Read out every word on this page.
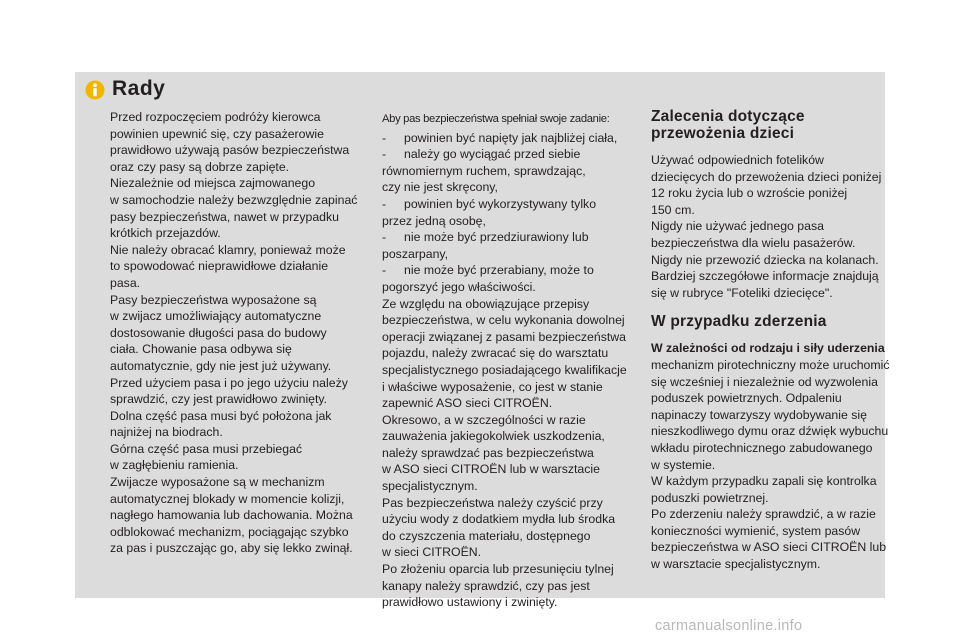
Rady

Przed rozpoczęciem podróży kierowca

powinien upewnić się, czy pasażerowie

prawidłowo używają pasów bezpieczeństwa

oraz czy pasy są dobrze zapięte.

Niezależnie od miejsca zajmowanego

w samochodzie należy bezwzględnie zapinać

pasy bezpieczeństwa, nawet w przypadku

krótkich przejazdów.

Nie należy obracać klamry, ponieważ może

to spowodować nieprawidłowe działanie

pasa.

Pasy bezpieczeństwa wyposażone są

w zwijacz umożliwiający automatyczne

dostosowanie długości pasa do budowy

ciała. Chowanie pasa odbywa się

automatycznie, gdy nie jest już używany.

Przed użyciem pasa i po jego użyciu należy

sprawdzić, czy jest prawidłowo zwinięty.

Dolna część pasa musi być położona jak

najniżej na biodrach.

Górna część pasa musi przebiegać

w zagłębieniu ramienia.

Zwijacze wyposażone są w mechanizm

automatycznej blokady w momencie kolizji,

nagłego hamowania lub dachowania. Można

odblokować mechanizm, pociągając szybko

za pas i puszczając go, aby się lekko zwinął.

Aby pas bezpieczeństwa spełniał swoje zadanie:

-	powinien być napięty jak najbliżej ciała,
-	należy go wyciągać przed siebie

równomiernym ruchem, sprawdzając,

czy nie jest skręcony,

-	powinien być wykorzystywany tylko

przez jedną osobę,

-	nie może być przedziurawiony lub

poszarpany,

-	nie może być przerabiany, może to

pogorszyć jego właściwości.

Ze względu na obowiązujące przepisy

bezpieczeństwa, w celu wykonania dowolnej

operacji związanej z pasami bezpieczeństwa

pojazdu, należy zwracać się do warsztatu

specjalistycznego posiadającego kwalifikacje

i właściwe wyposażenie, co jest w stanie

zapewnić ASO sieci CITROËN.

Okresowo, a w szczególności w razie

zauważenia jakiegokolwiek uszkodzenia,

należy sprawdzać pas bezpieczeństwa

w ASO sieci CITROËN lub w warsztacie

specjalistycznym.

Pas bezpieczeństwa należy czyścić przy

użyciu wody z dodatkiem mydła lub środka

do czyszczenia materiału, dostępnego

w sieci CITROËN.

Po złożeniu oparcia lub przesunięciu tylnej

kanapy należy sprawdzić, czy pas jest

prawidłowo ustawiony i zwinięty.

Zalecenia dotyczące
przewożenia dzieci

Używać odpowiednich fotelików

dziecięcych do przewożenia dzieci poniżej

12 roku życia lub o wzroście poniżej

150 cm.

Nigdy nie używać jednego pasa

bezpieczeństwa dla wielu pasażerów.

Nigdy nie przewozić dziecka na kolanach.

Bardziej szczegółowe informacje znajdują

się w rubryce "Foteliki dziecięce".

W przypadku zderzenia

W zależności od rodzaju i siły uderzenia

mechanizm pirotechniczny może uruchomić

się wcześniej i niezależnie od wyzwolenia

poduszek powietrznych. Odpaleniu

napinaczy towarzyszy wydobywanie się

nieszkodliwego dymu oraz dźwięk wybuchu

wkładu pirotechnicznego zabudowanego

w systemie.

W każdym przypadku zapali się kontrolka

poduszki powietrznej.

Po zderzeniu należy sprawdzić, a w razie

konieczności wymienić, system pasów

bezpieczeństwa w ASO sieci CITROËN lub

w warsztacie specjalistycznym.

carmanualsonline.info
